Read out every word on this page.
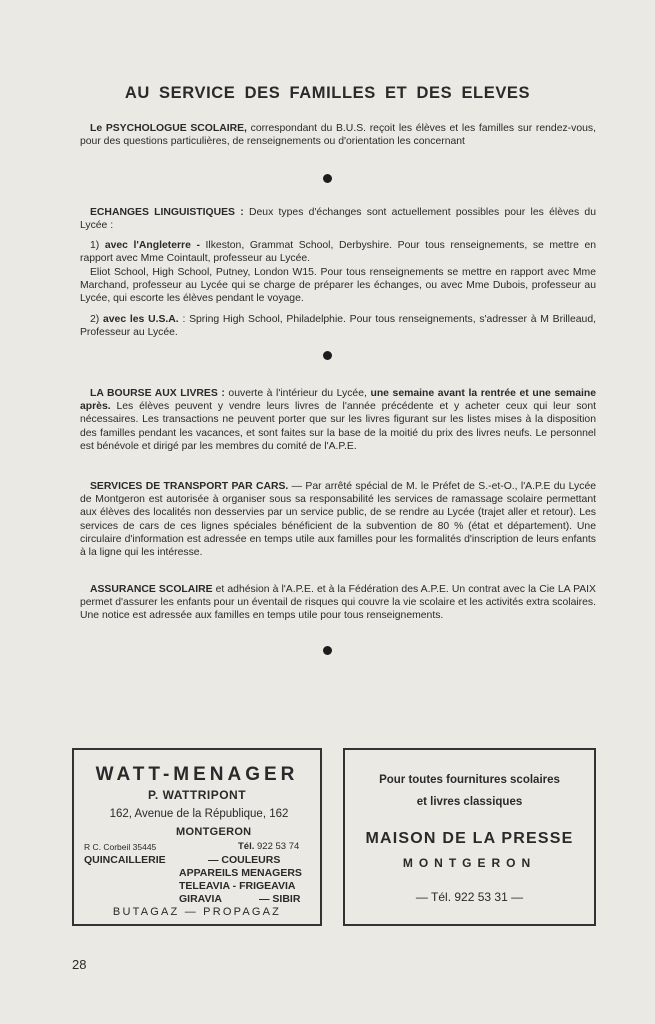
AU SERVICE DES FAMILLES ET DES ELEVES
Le PSYCHOLOGUE SCOLAIRE, correspondant du B.U.S. reçoit les élèves et les familles sur rendez-vous, pour des questions particulières, de renseignements ou d'orientation les concernant
ECHANGES LINGUISTIQUES : Deux types d'échanges sont actuellement possibles pour les élèves du Lycée :
1) avec l'Angleterre - Ilkeston, Grammat School, Derbyshire. Pour tous renseignements, se mettre en rapport avec Mme Cointault, professeur au Lycée.
Eliot School, High School, Putney, London W15. Pour tous renseignements se mettre en rapport avec Mme Marchand, professeur au Lycée qui se charge de préparer les échanges, ou avec Mme Dubois, professeur au Lycée, qui escorte les élèves pendant le voyage.
2) avec les U.S.A. : Spring High School, Philadelphie. Pour tous renseignements, s'adresser à M Brilleaud, Professeur au Lycée.
LA BOURSE AUX LIVRES : ouverte à l'intérieur du Lycée, une semaine avant la rentrée et une semaine après. Les élèves peuvent y vendre leurs livres de l'année précédente et y acheter ceux qui leur sont nécessaires. Les transactions ne peuvent porter que sur les livres figurant sur les listes mises à la disposition des familles pendant les vacances, et sont faites sur la base de la moitié du prix des livres neufs. Le personnel est bénévole et dirigé par les membres du comité de l'A.P.E.
SERVICES DE TRANSPORT PAR CARS. — Par arrêté spécial de M. le Préfet de S.-et-O., l'A.P.E du Lycée de Montgeron est autorisée à organiser sous sa responsabilité les services de ramassage scolaire permettant aux élèves des localités non desservies par un service public, de se rendre au Lycée (trajet aller et retour). Les services de cars de ces lignes spéciales bénéficient de la subvention de 80 % (état et département). Une circulaire d'information est adressée en temps utile aux familles pour les formalités d'inscription de leurs enfants à la ligne qui les intéresse.
ASSURANCE SCOLAIRE et adhésion à l'A.P.E. et à la Fédération des A.P.E. Un contrat avec la Cie LA PAIX permet d'assurer les enfants pour un éventail de risques qui couvre la vie scolaire et les activités extra scolaires. Une notice est adressée aux familles en temps utile pour tous renseignements.
WATT-MENAGER
P. WATTRIPONT
162, Avenue de la République, 162
MONTGERON
R C. Corbeil 35445	Tél. 922 53 74
QUINCAILLERIE	— COULEURS
APPAREILS MENAGERS
TELEAVIA - FRIGEAVIA
GIRAVIA	— SIBIR
BUTAGAZ — PROPAGAZ
Pour toutes fournitures scolaires
et livres classiques
MAISON DE LA PRESSE
MONTGERON
— Tél. 922 53 31 —
28
